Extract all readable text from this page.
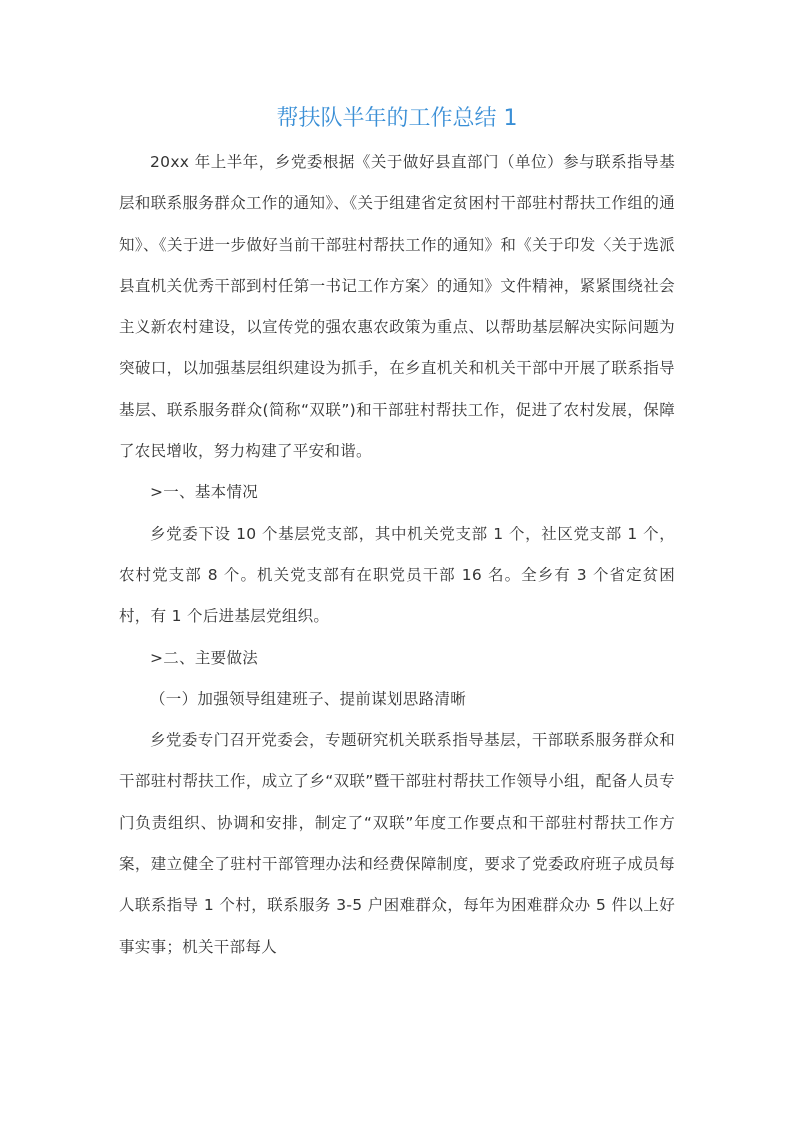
帮扶队半年的工作总结 1

20xx 年上半年，乡党委根据《关于做好县直部门（单位）参与联系指导基层和联系服务群众工作的通知》、《关于组建省定贫困村干部驻村帮扶工作组的通知》、《关于进一步做好当前干部驻村帮扶工作的通知》和《关于印发〈关于选派县直机关优秀干部到村任第一书记工作方案〉的通知》文件精神，紧紧围绕社会主义新农村建设，以宣传党的强农惠农政策为重点、以帮助基层解决实际问题为突破口，以加强基层组织建设为抓手，在乡直机关和机关干部中开展了联系指导基层、联系服务群众(简称“双联”)和干部驻村帮扶工作，促进了农村发展，保障了农民增收，努力构建了平安和谐。

>一、基本情况

乡党委下设 10 个基层党支部，其中机关党支部 1 个，社区党支部 1 个，农村党支部 8 个。机关党支部有在职党员干部 16 名。全乡有 3 个省定贫困村，有 1 个后进基层党组织。

>二、主要做法

（一）加强领导组建班子、提前谋划思路清晰

乡党委专门召开党委会，专题研究机关联系指导基层，干部联系服务群众和干部驻村帮扶工作，成立了乡“双联”暨干部驻村帮扶工作领导小组，配备人员专门负责组织、协调和安排，制定了“双联”年度工作要点和干部驻村帮扶工作方案，建立健全了驻村干部管理办法和经费保障制度，要求了党委政府班子成员每人联系指导 1 个村，联系服务 3-5 户困难群众，每年为困难群众办 5 件以上好事实事；机关干部每人
